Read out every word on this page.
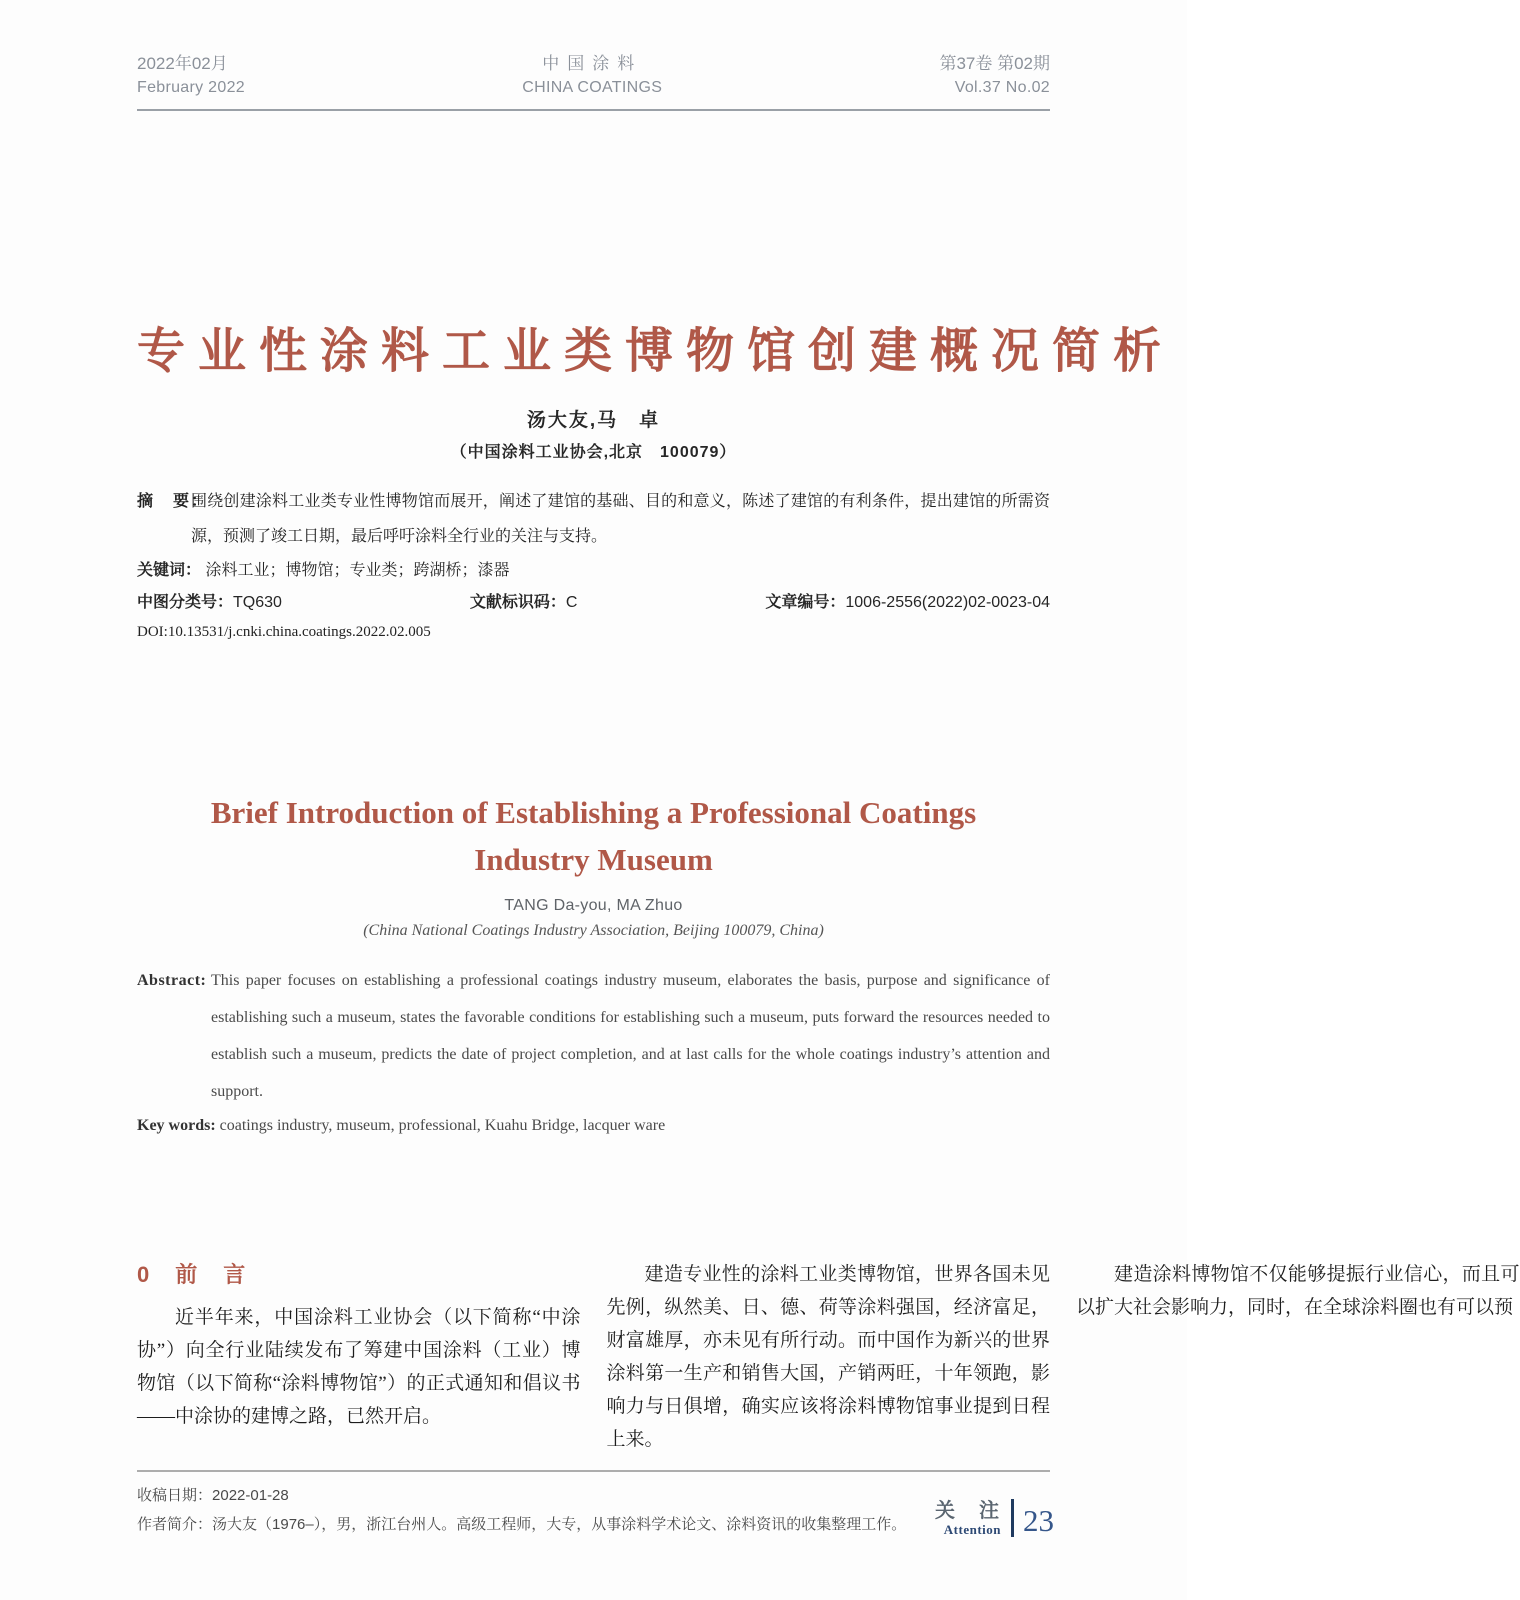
2022年02月
February 2022
中国涂料
CHINA COATINGS
第37卷 第02期
Vol.37 No.02
专业性涂料工业类博物馆创建概况简析
汤大友,马　卓
（中国涂料工业协会,北京　100079）
摘　要：
围绕创建涂料工业类专业性博物馆而展开，阐述了建馆的基础、目的和意义，陈述了建馆的有利条件，提出建馆的所需资源，预测了竣工日期，最后呼吁涂料全行业的关注与支持。
关键词： 涂料工业；博物馆；专业类；跨湖桥；漆器
中图分类号：TQ630	文献标识码：C	文章编号：1006-2556(2022)02-0023-04
DOI:10.13531/j.cnki.china.coatings.2022.02.005
Brief Introduction of Establishing a Professional Coatings
Industry Museum
TANG Da-you, MA Zhuo
(China National Coatings Industry Association, Beijing 100079, China)
Abstract: This paper focuses on establishing a professional coatings industry museum, elaborates the basis, purpose and significance of establishing such a museum, states the favorable conditions for establishing such a museum, puts forward the resources needed to establish such a museum, predicts the date of project completion, and at last calls for the whole coatings industry’s attention and support.
Key words: coatings industry, museum, professional, Kuahu Bridge, lacquer ware
0　前　言

近半年来，中国涂料工业协会（以下简称“中涂协”）向全行业陆续发布了筹建中国涂料（工业）博物馆（以下简称“涂料博物馆”）的正式通知和倡议书——中涂协的建博之路，已然开启。

建造专业性的涂料工业类博物馆，世界各国未见先例，纵然美、日、德、荷等涂料强国，经济富足，财富雄厚，亦未见有所行动。而中国作为新兴的世界涂料第一生产和销售大国，产销两旺，十年领跑，影响力与日俱增，确实应该将涂料博物馆事业提到日程上来。

建造涂料博物馆不仅能够提振行业信心，而且可以扩大社会影响力，同时，在全球涂料圈也有可以预

收稿日期：2022-01-28
作者简介：汤大友（1976–），男，浙江台州人。高级工程师，大专，从事涂料学术论文、涂料资讯的收集整理工作。
关　注
Attention 23
